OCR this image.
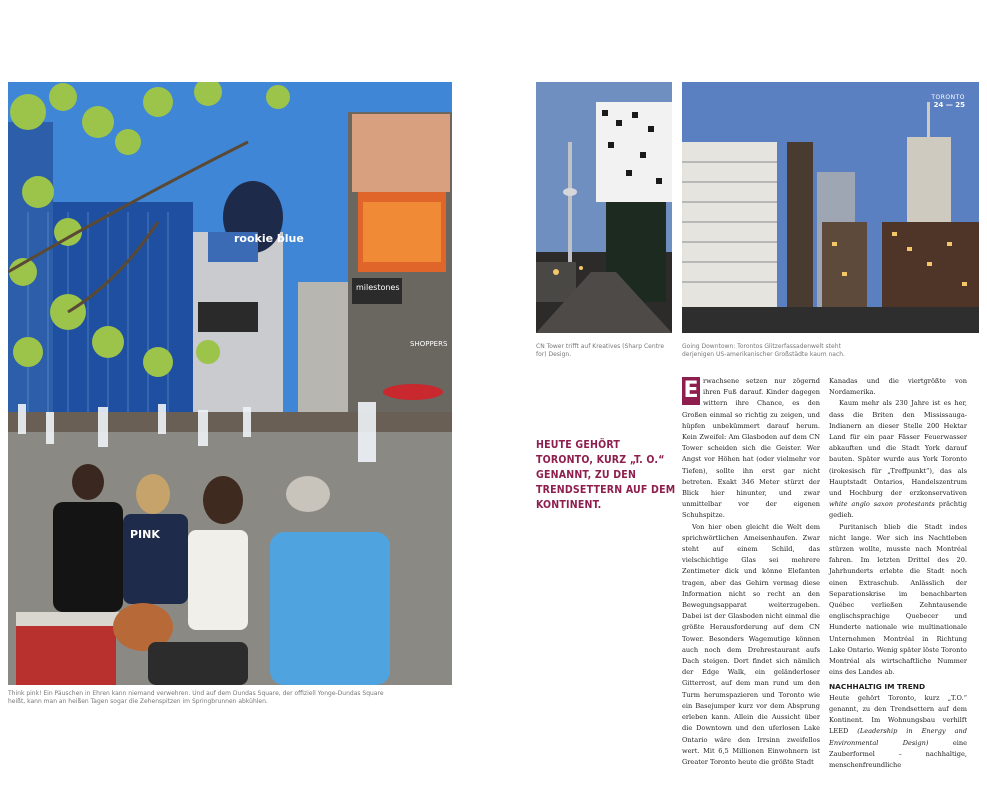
rookie blue
milestones
SHOPPERS
PINK
Think pink! Ein Päuschen in Ehren kann niemand verwehren. Und auf dem Dundas Square, der offiziell Yonge-Dundas Square heißt, kann man an heißen Tagen sogar die Zehenspitzen im Springbrunnen abkühlen.
CN Tower trifft auf Kreatives (Sharp Centre for) Design.
TORONTO
24 — 25
Going Downtown: Torontos Glitzerfassadenwelt steht derjenigen US-amerikanischer Großstädte kaum nach.
HEUTE GEHÖRT TORONTO, KURZ „T. O.“ GENANNT, ZU DEN TRENDSETTERN AUF DEM KONTINENT.

E rwachsene setzen nur zögernd ihren Fuß darauf. Kinder dagegen wittern ihre Chance, es den Großen einmal so richtig zu zeigen, und hüpfen unbekümmert darauf herum. Kein Zweifel: Am Glasboden auf dem CN Tower scheiden sich die Geister. Wer Angst vor Höhen hat (oder vielmehr vor Tiefen), sollte ihn erst gar nicht betreten. Exakt 346 Meter stürzt der Blick hier hinunter, und zwar unmittelbar vor der eigenen Schuhspitze.

Von hier oben gleicht die Welt dem sprichwörtlichen Ameisenhaufen. Zwar steht auf einem Schild, das vielschichtige Glas sei mehrere Zentimeter dick und könne Elefanten tragen, aber das Gehirn vermag diese Information nicht so recht an den Bewegungsapparat weiterzugeben. Dabei ist der Glasboden nicht einmal die größte Herausforderung auf dem CN Tower. Besonders Wagemutige können auch noch dem Drehrestaurant aufs Dach steigen. Dort findet sich nämlich der Edge Walk, ein geländerloser Gitterrost, auf dem man rund um den Turm herumspazieren und Toronto wie ein Basejumper kurz vor dem Absprung erleben kann. Allein die Aussicht über die Downtown und den uferlosen Lake Ontario wäre den Irrsinn zweifellos wert. Mit 6,5 Millionen Einwohnern ist Greater Toronto heute die größte Stadt

Kanadas und die viertgrößte von Nordamerika.

Kaum mehr als 230 Jahre ist es her, dass die Briten den Mississauga-Indianern an dieser Stelle 200 Hektar Land für ein paar Fässer Feuerwasser abkauften und die Stadt York darauf bauten. Später wurde aus York Toronto (irokesisch für „Treffpunkt“), das als Hauptstadt Ontarios, Handelszentrum und Hochburg der erzkonservativen white anglo saxon protestants prächtig gedieh.

Puritanisch blieb die Stadt indes nicht lange. Wer sich ins Nachtleben stürzen wollte, musste nach Montréal fahren. Im letzten Drittel des 20. Jahrhunderts erlebte die Stadt noch einen Extraschub. Anlässlich der Separationskrise im benachbarten Québec verließen Zehntausende englischsprachige Quebecer und Hunderte nationale wie multinationale Unternehmen Montréal in Richtung Lake Ontario. Wenig später löste Toronto Montréal als wirtschaftliche Nummer eins des Landes ab.

NACHHALTIG IM TREND

Heute gehört Toronto, kurz „T.O.“ genannt, zu den Trendsettern auf dem Kontinent. Im Wohnungsbau verhilft LEED (Leadership in Energy and Environmental Design) eine Zauberformel – nachhaltige, menschenfreundliche
